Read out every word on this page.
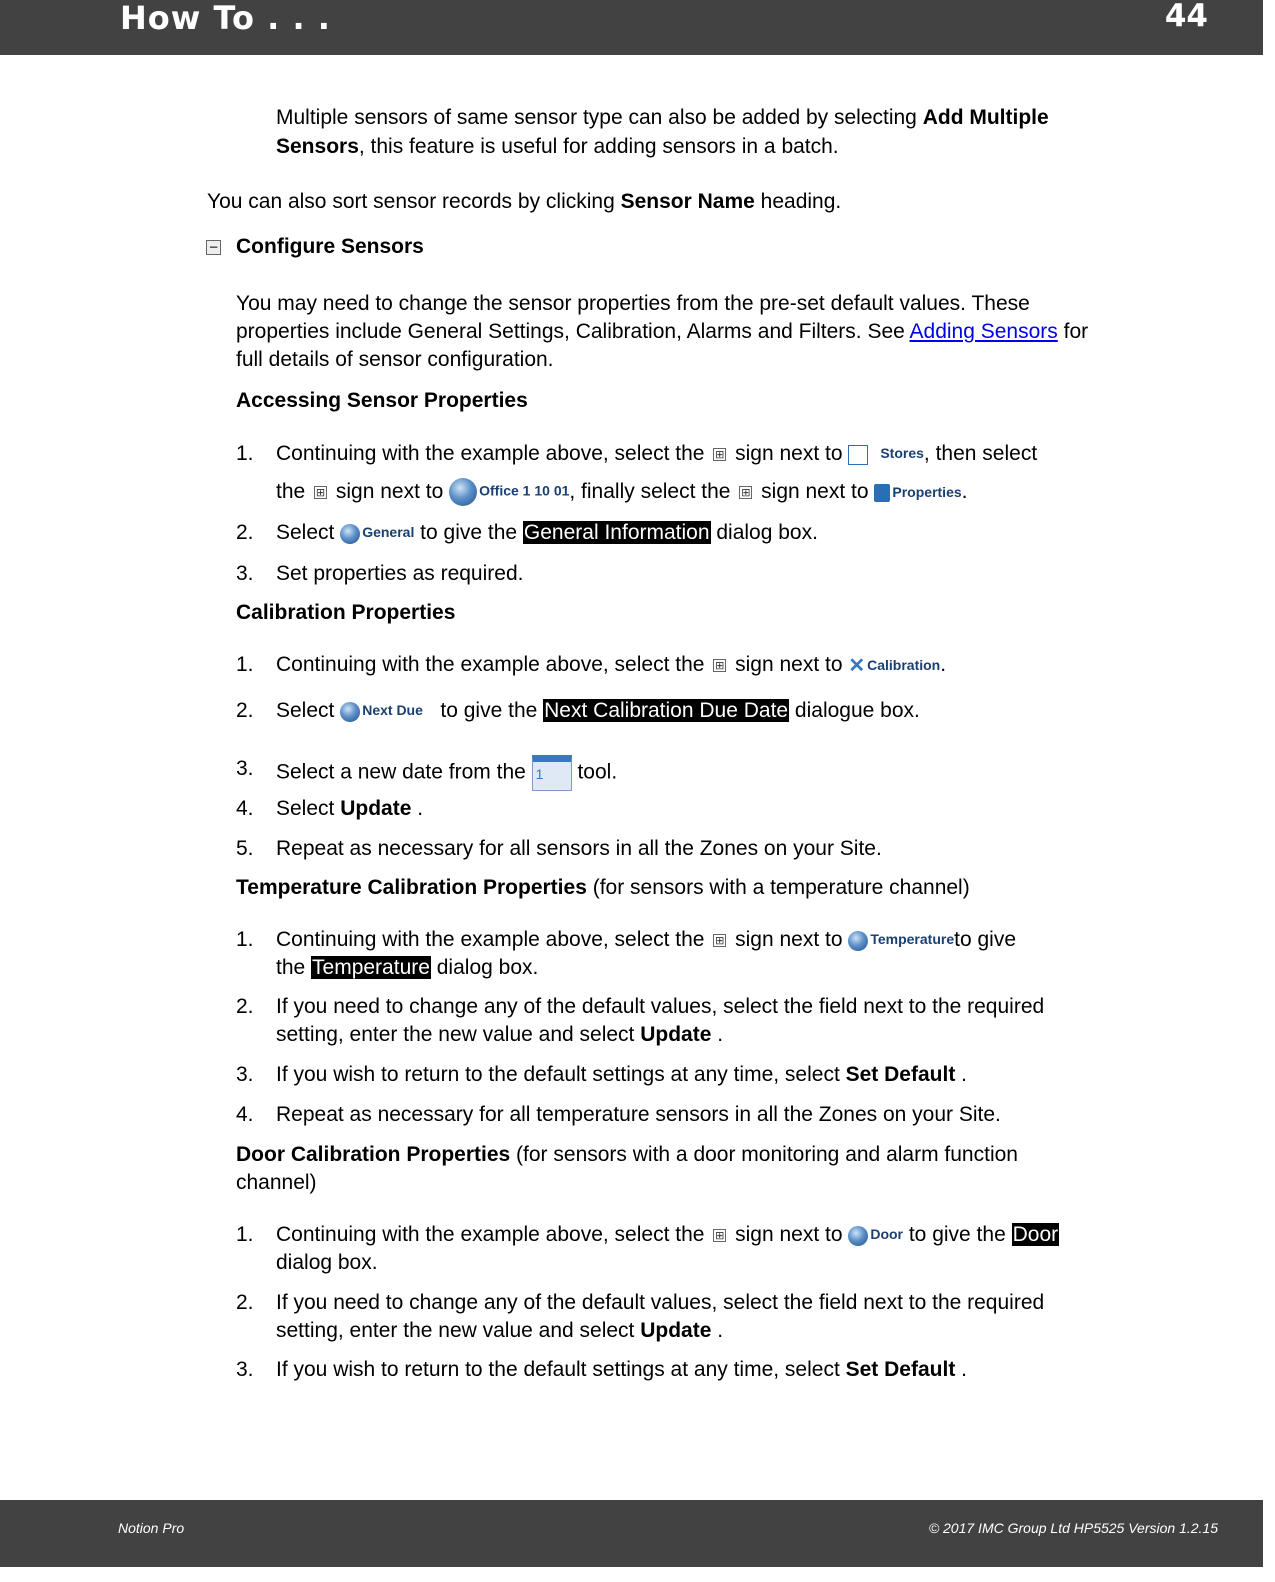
How To . . .	44
Multiple sensors of same sensor type can also be added by selecting Add Multiple
Sensors, this feature is useful for adding sensors in a batch.
You can also sort sensor records by clicking Sensor Name heading.
− Configure Sensors
You may need to change the sensor properties from the pre-set default values. These
properties include General Settings, Calibration, Alarms and Filters. See Adding Sensors for
full details of sensor configuration.
Accessing Sensor Properties
1. Continuing with the example above, select the ⊞ sign next to Stores, then select
the ⊞ sign next to Office 1 10 01, finally select the ⊞ sign next to Properties.
2. Select General to give the General Information dialog box.
3. Set properties as required.
Calibration Properties
1. Continuing with the example above, select the ⊞ sign next to ✕ Calibration.
2. Select Next Due   to give the Next Calibration Due Date dialogue box.
3. Select a new date from the 1 tool.
4. Select Update .
5. Repeat as necessary for all sensors in all the Zones on your Site.
Temperature Calibration Properties (for sensors with a temperature channel)
1. Continuing with the example above, select the ⊞ sign next to Temperatureto give
the Temperature dialog box.
2. If you need to change any of the default values, select the field next to the required
setting, enter the new value and select Update .
3. If you wish to return to the default settings at any time, select Set Default .
4. Repeat as necessary for all temperature sensors in all the Zones on your Site.
Door Calibration Properties (for sensors with a door monitoring and alarm function
channel)
1. Continuing with the example above, select the ⊞ sign next to Door to give the Door
dialog box.
2. If you need to change any of the default values, select the field next to the required
setting, enter the new value and select Update .
3. If you wish to return to the default settings at any time, select Set Default .
Notion Pro	© 2017 IMC Group Ltd HP5525 Version 1.2.15
